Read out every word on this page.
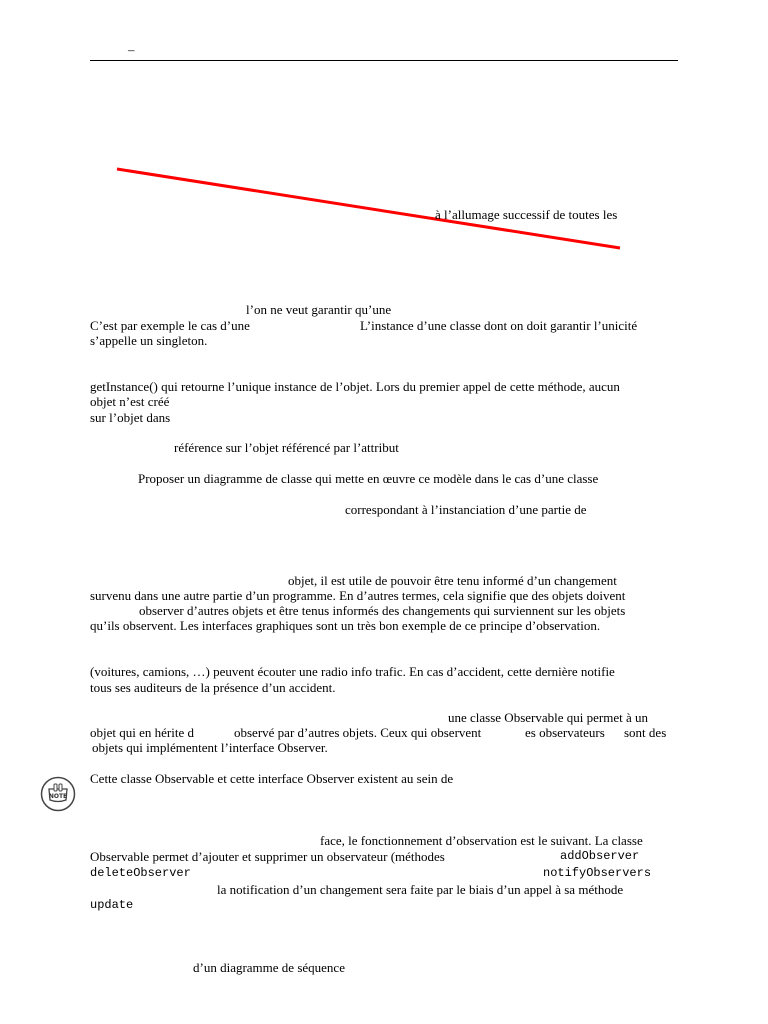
–
à l’allumage successif de toutes les
l’on ne veut garantir qu’une
C’est par exemple le cas d’une	L’instance d’une classe dont on doit garantir l’unicité
s’appelle un singleton.
getInstance() qui retourne l’unique instance de l’objet. Lors du premier appel de cette méthode, aucun
objet n’est créé
sur l’objet dans
référence sur l’objet référencé par l’attribut
Proposer un diagramme de classe qui mette en œuvre ce modèle dans le cas d’une classe
correspondant à l’instanciation d’une partie de
objet, il est utile de pouvoir être tenu informé d’un changement
survenu dans une autre partie d’un programme. En d’autres termes, cela signifie que des objets doivent
observer d’autres objets et être tenus informés des changements qui surviennent sur les objets
qu’ils observent. Les interfaces graphiques sont un très bon exemple de ce principe d’observation.
(voitures, camions, …) peuvent écouter une radio info trafic. En cas d’accident, cette dernière notifie
tous ses auditeurs de la présence d’un accident.
une classe Observable qui permet à un
objet qui en hérite d	observé par d’autres objets. Ceux qui observent	es observateurs sont des
objets qui implémentent l’interface Observer.
NOTE
Cette classe Observable et cette interface Observer existent au sein de
face, le fonctionnement d’observation est le suivant. La classe
Observable permet d’ajouter et supprimer un observateur (méthodes	addObserver
deleteObserver	notifyObservers
la notification d’un changement sera faite par le biais d’un appel à sa méthode
update
d’un diagramme de séquence
